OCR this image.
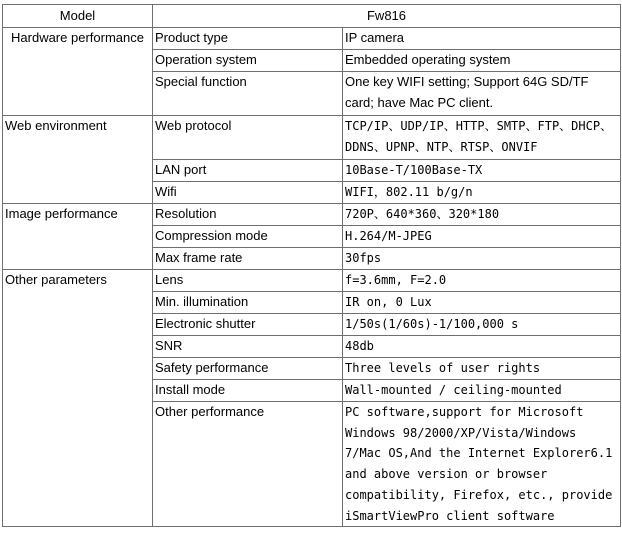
Model	Fw816	
Hardware performance	Product type	IP camera
	Operation system	Embedded operating system
	Special function	One key WIFI setting; Support 64G SD/TF card; have Mac PC client.
Web environment	Web protocol	TCP/IP、UDP/IP、HTTP、SMTP、FTP、DHCP、DDNS、UPNP、NTP、RTSP、ONVIF
	LAN port	10Base-T/100Base-TX
	Wifi	WIFI，802.11 b/g/n
Image performance	Resolution	720P、640*360、320*180
	Compression mode	H.264/M-JPEG
	Max frame rate	30fps
Other parameters	Lens	f=3.6mm, F=2.0
	Min. illumination	IR on, 0 Lux
	Electronic shutter	1/50s(1/60s)-1/100,000 s
	SNR	48db
	Safety performance	Three levels of user rights
	Install mode	Wall-mounted / ceiling-mounted
	Other performance	PC software,support for Microsoft Windows 98/2000/XP/Vista/Windows 7/Mac OS,And the Internet Explorer6.1 and above version or browser compatibility, Firefox, etc., provide iSmartViewPro client software
